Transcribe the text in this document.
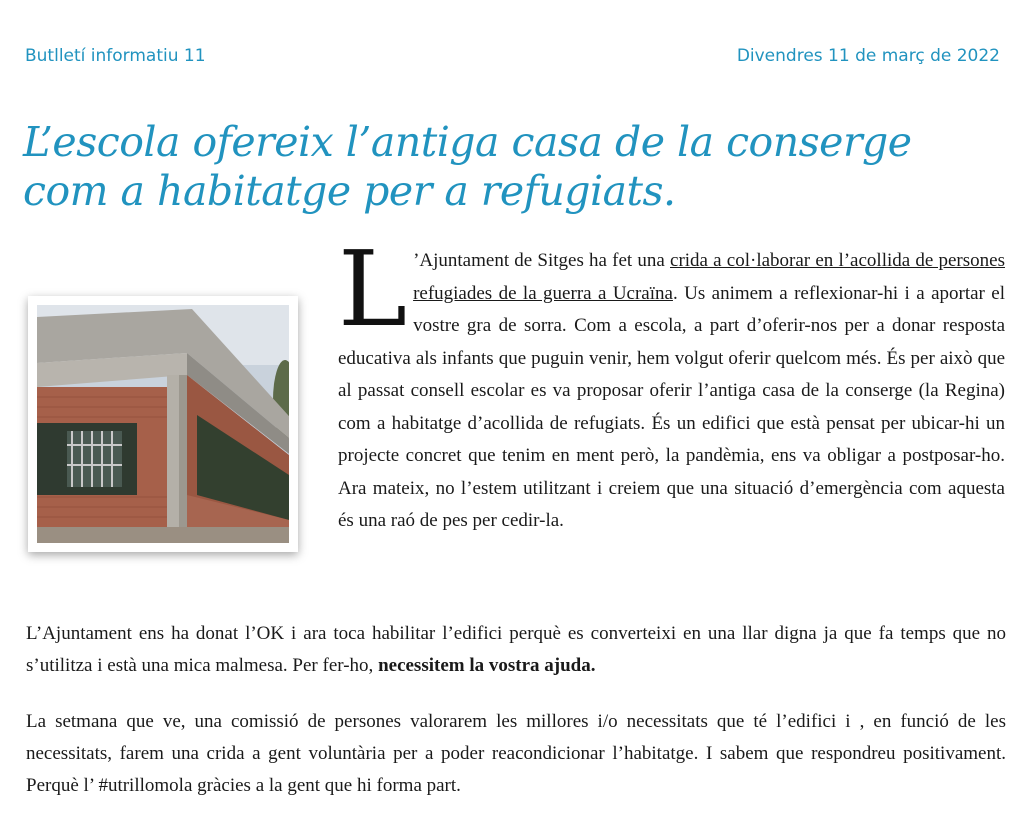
Butlletí informatiu 11	Divendres 11 de març de 2022
L’escola ofereix l’antiga casa de la conserge com a habitatge per a refugiats.
L ’Ajuntament de Sitges ha fet una crida a col·laborar en l’acollida de persones refugiades de la guerra a Ucraïna. Us animem a reflexionar-hi i a aportar el vostre gra de sorra. Com a escola, a part d’oferir-nos per a donar resposta educativa als infants que puguin venir, hem volgut oferir quelcom més. És per això que al passat consell escolar es va proposar oferir l’antiga casa de la conserge (la Regina) com a habitatge d’acollida de refugiats. És un edifici que està pensat per ubicar-hi un projecte concret que tenim en ment però, la pandèmia, ens va obligar a postposar-ho. Ara mateix, no l’estem utilitzant i creiem que una situació d’emergència com aquesta és una raó de pes per cedir-la.

L’Ajuntament ens ha donat l’OK i ara toca habilitar l’edifici perquè es converteixi en una llar digna ja que fa temps que no s’utilitza i està una mica malmesa. Per fer-ho, necessitem la vostra ajuda.

La setmana que ve, una comissió de persones valorarem les millores i/o necessitats que té l’edifici i , en funció de les necessitats, farem una crida a gent voluntària per a poder reacondicionar l’habitatge. I sabem que respondreu positivament. Perquè l’ #utrillomola gràcies a la gent que hi forma part.
